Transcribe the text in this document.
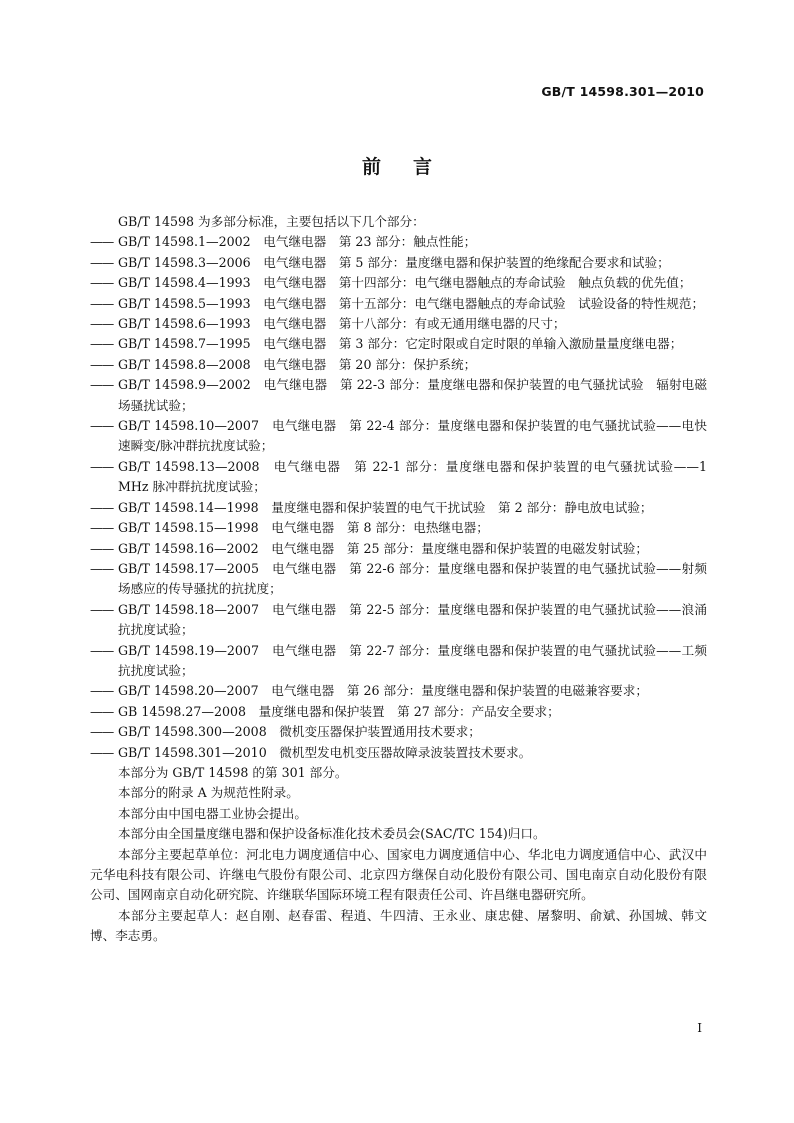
GB/T 14598.301—2010
前言
GB/T 14598 为多部分标准，主要包括以下几个部分：
—— GB/T 14598.1—2002　电气继电器　第 23 部分：触点性能；
—— GB/T 14598.3—2006　电气继电器　第 5 部分：量度继电器和保护装置的绝缘配合要求和试验；
—— GB/T 14598.4—1993　电气继电器　第十四部分：电气继电器触点的寿命试验　触点负载的优先值；
—— GB/T 14598.5—1993　电气继电器　第十五部分：电气继电器触点的寿命试验　试验设备的特性规范；
—— GB/T 14598.6—1993　电气继电器　第十八部分：有或无通用继电器的尺寸；
—— GB/T 14598.7—1995　电气继电器　第 3 部分：它定时限或自定时限的单输入激励量量度继电器；
—— GB/T 14598.8—2008　电气继电器　第 20 部分：保护系统；
—— GB/T 14598.9—2002　电气继电器　第 22-3 部分：量度继电器和保护装置的电气骚扰试验　辐射电磁场骚扰试验；
—— GB/T 14598.10—2007　电气继电器　第 22-4 部分：量度继电器和保护装置的电气骚扰试验——电快速瞬变/脉冲群抗扰度试验；
—— GB/T 14598.13—2008　电气继电器　第 22-1 部分：量度继电器和保护装置的电气骚扰试验——1 MHz 脉冲群抗扰度试验；
—— GB/T 14598.14—1998　量度继电器和保护装置的电气干扰试验　第 2 部分：静电放电试验；
—— GB/T 14598.15—1998　电气继电器　第 8 部分：电热继电器；
—— GB/T 14598.16—2002　电气继电器　第 25 部分：量度继电器和保护装置的电磁发射试验；
—— GB/T 14598.17—2005　电气继电器　第 22-6 部分：量度继电器和保护装置的电气骚扰试验——射频场感应的传导骚扰的抗扰度；
—— GB/T 14598.18—2007　电气继电器　第 22-5 部分：量度继电器和保护装置的电气骚扰试验——浪涌抗扰度试验；
—— GB/T 14598.19—2007　电气继电器　第 22-7 部分：量度继电器和保护装置的电气骚扰试验——工频抗扰度试验；
—— GB/T 14598.20—2007　电气继电器　第 26 部分：量度继电器和保护装置的电磁兼容要求；
—— GB 14598.27—2008　量度继电器和保护装置　第 27 部分：产品安全要求；
—— GB/T 14598.300—2008　微机变压器保护装置通用技术要求；
—— GB/T 14598.301—2010　微机型发电机变压器故障录波装置技术要求。
本部分为 GB/T 14598 的第 301 部分。
本部分的附录 A 为规范性附录。
本部分由中国电器工业协会提出。
本部分由全国量度继电器和保护设备标准化技术委员会(SAC/TC 154)归口。
本部分主要起草单位：河北电力调度通信中心、国家电力调度通信中心、华北电力调度通信中心、武汉中元华电科技有限公司、许继电气股份有限公司、北京四方继保自动化股份有限公司、国电南京自动化股份有限公司、国网南京自动化研究院、许继联华国际环境工程有限责任公司、许昌继电器研究所。
本部分主要起草人：赵自刚、赵春雷、程逍、牛四清、王永业、康忠健、屠黎明、俞斌、孙国城、韩文博、李志勇。
I
